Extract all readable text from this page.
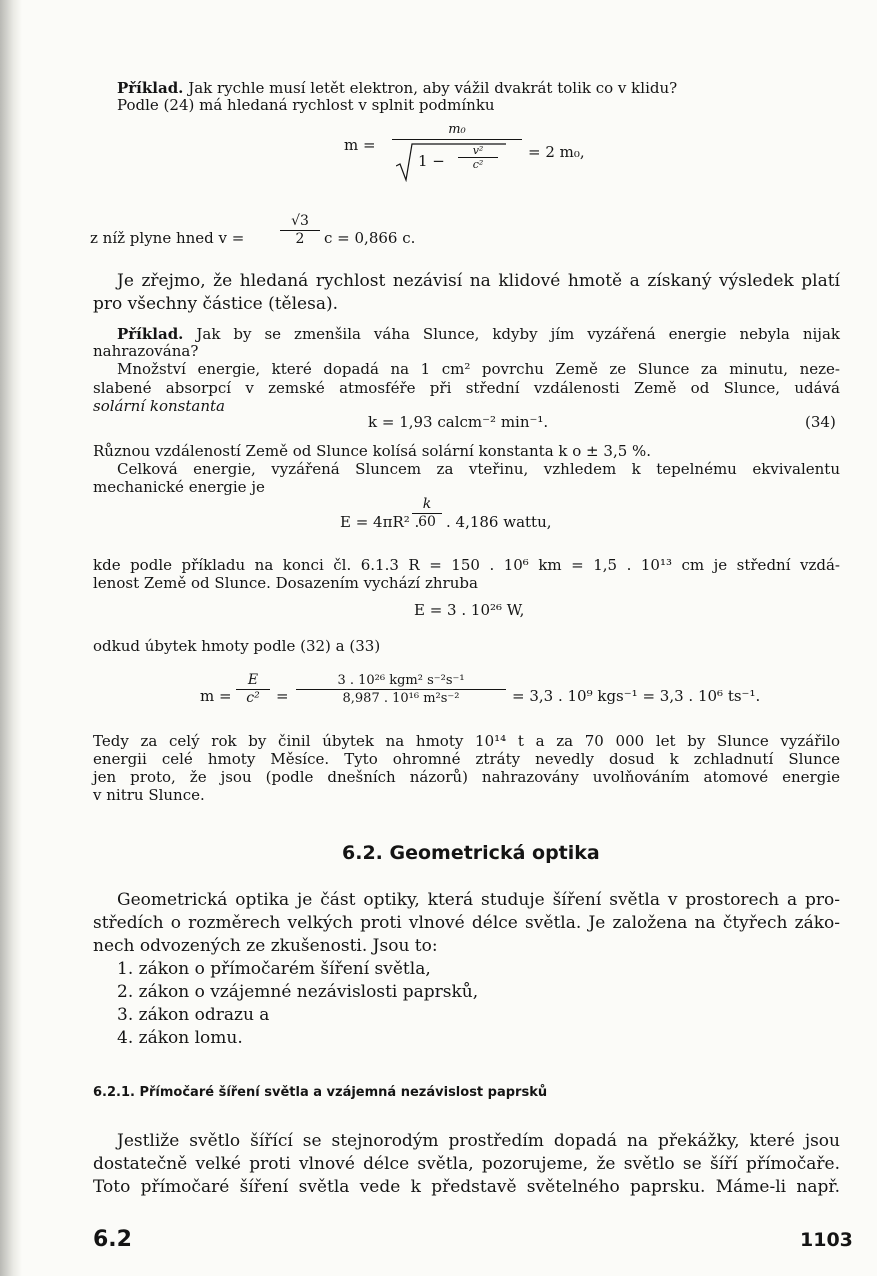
Příklad. Jak rychle musí letět elektron, aby vážil dvakrát tolik co v klidu?
Podle (24) má hledaná rychlost v splnit podmínku
m =
m₀
1 −
v²
c²
= 2 m₀,
z níž plyne hned v =
√3
2	c = 0,866 c.
Je zřejmo, že hledaná rychlost nezávisí na klidové hmotě a získaný výsledek platí
pro všechny částice (tělesa).
Příklad. Jak by se zmenšila váha Slunce, kdyby jím vyzářená energie nebyla nijak
nahrazována?
Množství energie, které dopadá na 1 cm² povrchu Země ze Slunce za minutu, neze-
slabené absorpcí v zemské atmosféře při střední vzdálenosti Země od Slunce, udává
solární konstanta
k = 1,93 calcm⁻² min⁻¹.	(34)
Různou vzdáleností Země od Slunce kolísá solární konstanta k o ± 3,5 %.
Celková energie, vyzářená Sluncem za vteřinu, vzhledem k tepelnému ekvivalentu
mechanické energie je
E = 4πR² .
k
60 . 4,186 wattu,
kde podle příkladu na konci čl. 6.1.3 R = 150 . 10⁶ km = 1,5 . 10¹³ cm je střední vzdá-
lenost Země od Slunce. Dosazením vychází zhruba
E = 3 . 10²⁶ W,
odkud úbytek hmoty podle (32) a (33)
m =
E
c²	=
3 . 10²⁶ kgm² s⁻²s⁻¹
8,987 . 10¹⁶ m²s⁻²	= 3,3 . 10⁹ kgs⁻¹ = 3,3 . 10⁶ ts⁻¹.
Tedy za celý rok by činil úbytek na hmoty 10¹⁴ t a za 70 000 let by Slunce vyzářilo
energii celé hmoty Měsíce. Tyto ohromné ztráty nevedly dosud k zchladnutí Slunce
jen proto, že jsou (podle dnešních názorů) nahrazovány uvolňováním atomové energie
v nitru Slunce.
6.2. Geometrická optika
Geometrická optika je část optiky, která studuje šíření světla v prostorech a pro-
středích o rozměrech velkých proti vlnové délce světla. Je založena na čtyřech záko-
nech odvozených ze zkušenosti. Jsou to:
1. zákon o přímočarém šíření světla,
2. zákon o vzájemné nezávislosti paprsků,
3. zákon odrazu a
4. zákon lomu.
6.2.1. Přímočaré šíření světla a vzájemná nezávislost paprsků
Jestliže světlo šířící se stejnorodým prostředím dopadá na překážky, které jsou
dostatečně velké proti vlnové délce světla, pozorujeme, že světlo se šíří přímočaře.
Toto přímočaré šíření světla vede k představě světelného paprsku. Máme-li např.
6.2	1103
